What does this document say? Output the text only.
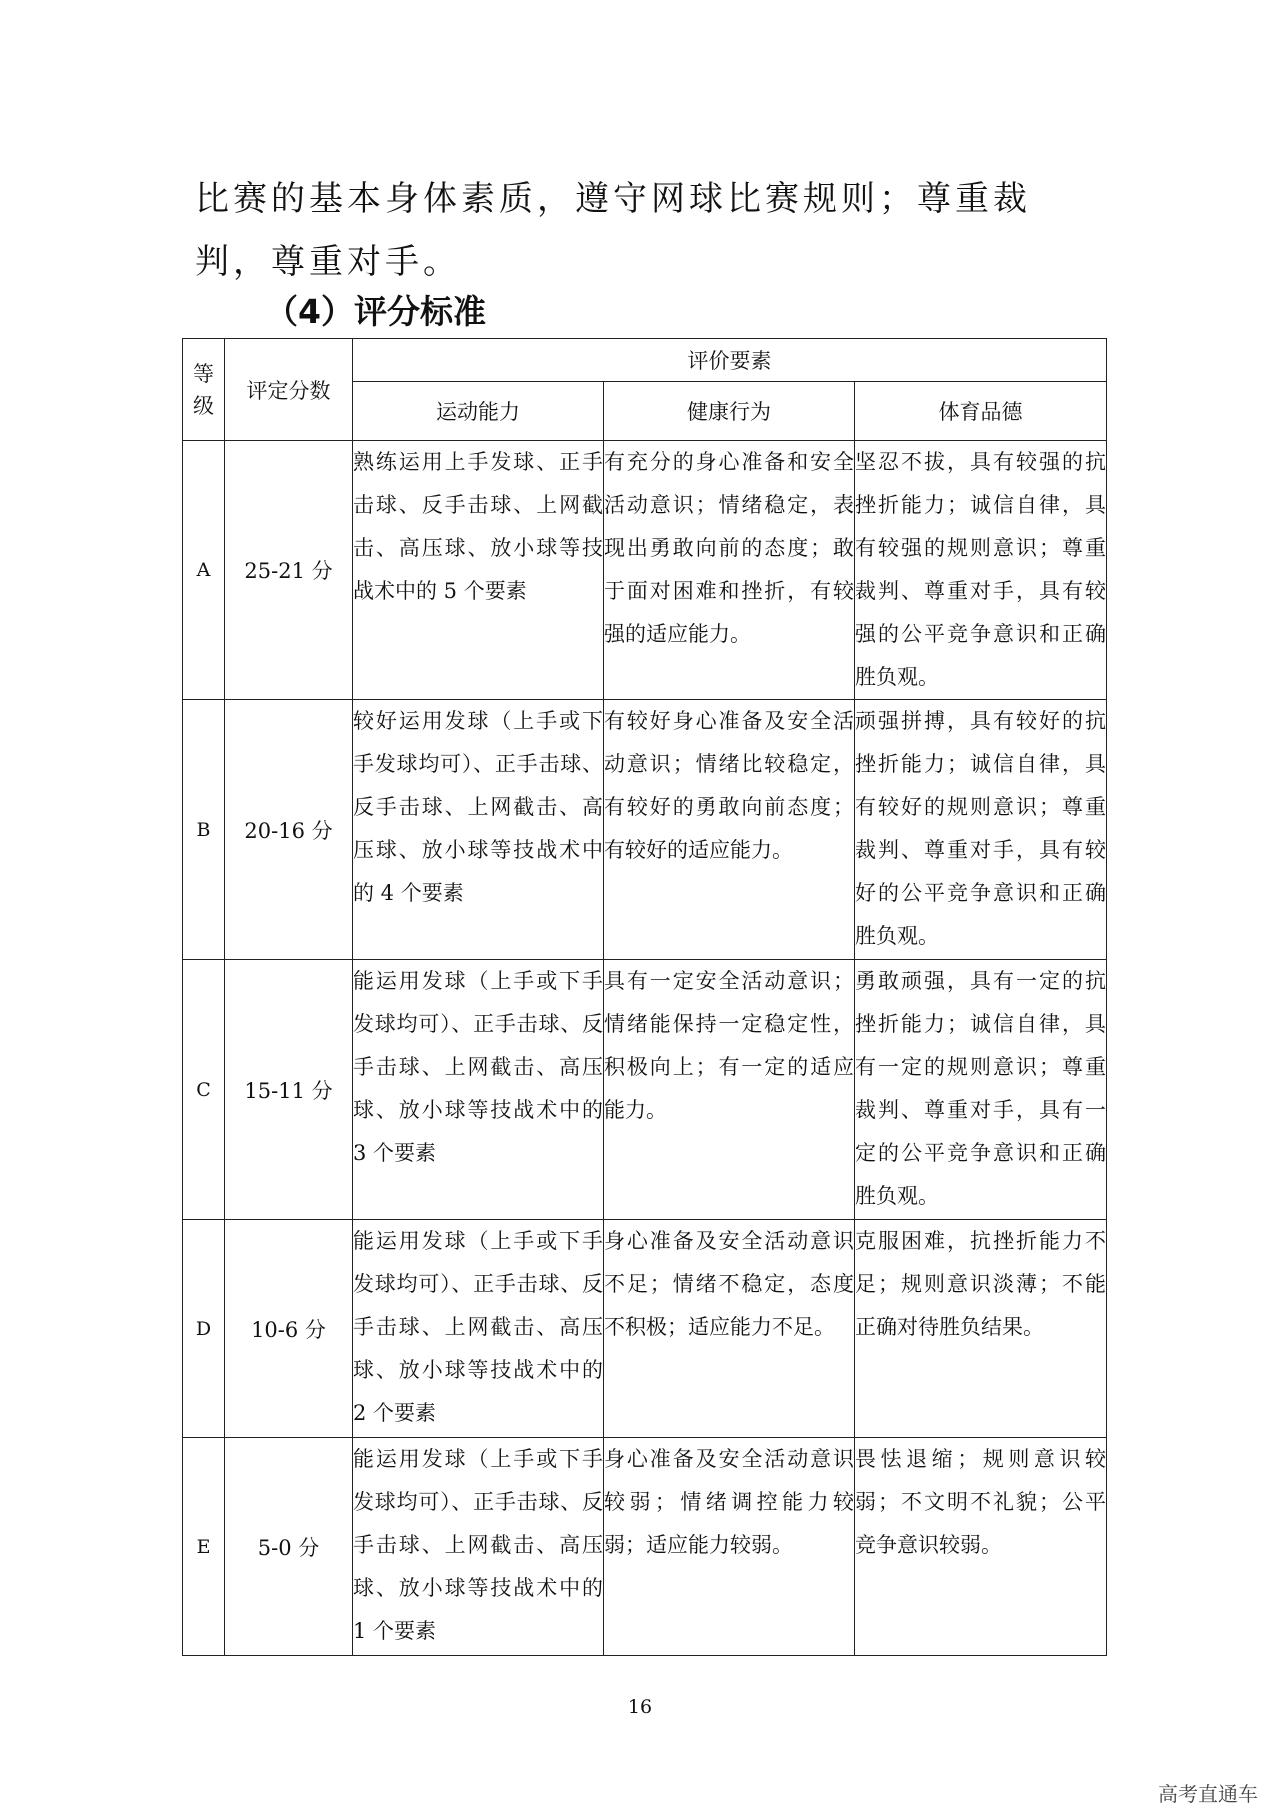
比赛的基本身体素质，遵守网球比赛规则；尊重裁判，尊重对手。
（4）评分标准
等级	评定分数	评价要素		
		运动能力	健康行为	体育品德
A	25-21 分	熟练运用上手发球、正手击球、反手击球、上网截击、高压球、放小球等技战术中的 5 个要素	有充分的身心准备和安全活动意识；情绪稳定，表现出勇敢向前的态度；敢于面对困难和挫折，有较强的适应能力。	坚忍不拔，具有较强的抗挫折能力；诚信自律，具有较强的规则意识；尊重裁判、尊重对手，具有较强的公平竞争意识和正确胜负观。
B	20-16 分	较好运用发球（上手或下手发球均可）、正手击球、反手击球、上网截击、高压球、放小球等技战术中的 4 个要素	有较好身心准备及安全活动意识；情绪比较稳定，有较好的勇敢向前态度；有较好的适应能力。	顽强拼搏，具有较好的抗挫折能力；诚信自律，具有较好的规则意识；尊重裁判、尊重对手，具有较好的公平竞争意识和正确胜负观。
C	15-11 分	能运用发球（上手或下手发球均可）、正手击球、反手击球、上网截击、高压球、放小球等技战术中的 3 个要素	具有一定安全活动意识；情绪能保持一定稳定性，积极向上；有一定的适应能力。	勇敢顽强，具有一定的抗挫折能力；诚信自律，具有一定的规则意识；尊重裁判、尊重对手，具有一定的公平竞争意识和正确胜负观。
D	10-6 分	能运用发球（上手或下手发球均可）、正手击球、反手击球、上网截击、高压球、放小球等技战术中的 2 个要素	身心准备及安全活动意识不足；情绪不稳定，态度不积极；适应能力不足。	克服困难，抗挫折能力不足；规则意识淡薄；不能正确对待胜负结果。
E	5-0 分	能运用发球（上手或下手发球均可）、正手击球、反手击球、上网截击、高压球、放小球等技战术中的 1 个要素	身心准备及安全活动意识较弱；情绪调控能力较弱；适应能力较弱。	畏怯退缩；规则意识较弱；不文明不礼貌；公平竞争意识较弱。
16
高考直通车
